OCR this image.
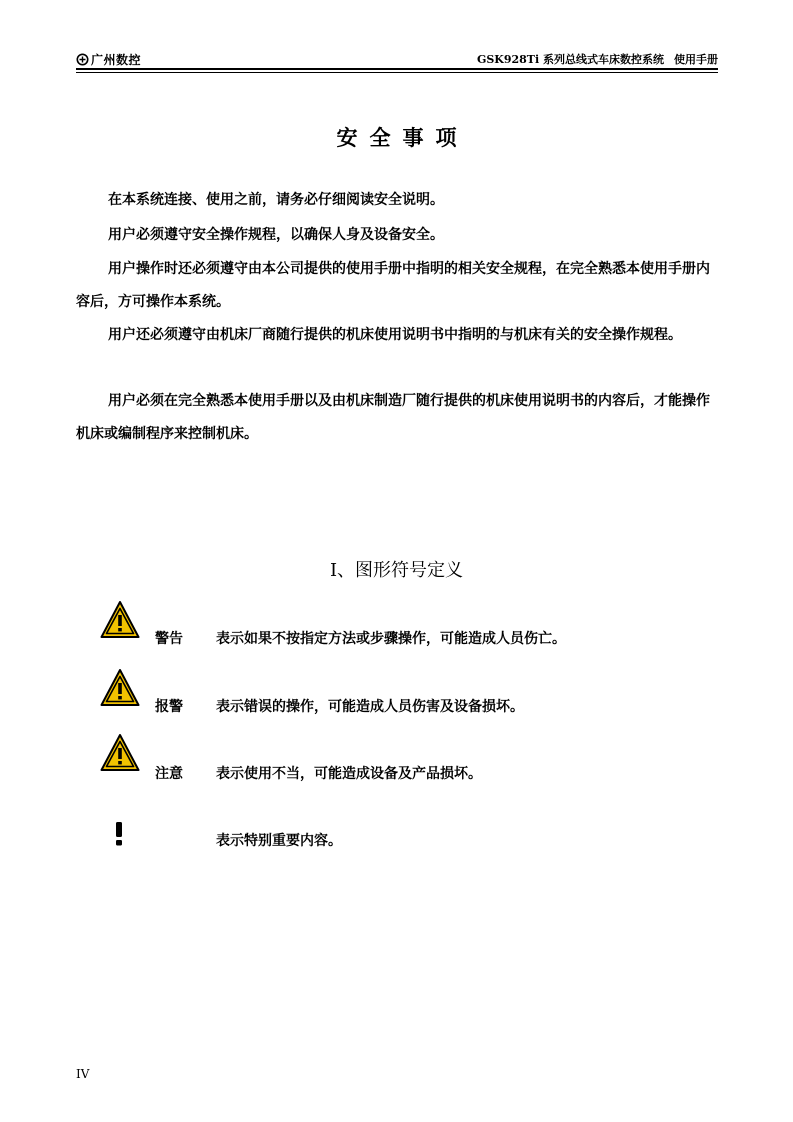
广州数控	GSK928Ti 系列总线式车床数控系统 使用手册
安全事项
在本系统连接、使用之前，请务必仔细阅读安全说明。
用户必须遵守安全操作规程，以确保人身及设备安全。
用户操作时还必须遵守由本公司提供的使用手册中指明的相关安全规程，在完全熟悉本使用手册内容后，方可操作本系统。
用户还必须遵守由机床厂商随行提供的机床使用说明书中指明的与机床有关的安全操作规程。
用户必须在完全熟悉本使用手册以及由机床制造厂随行提供的机床使用说明书的内容后，才能操作机床或编制程序来控制机床。
Ⅰ、图形符号定义
警告 表示如果不按指定方法或步骤操作，可能造成人员伤亡。
报警 表示错误的操作，可能造成人员伤害及设备损坏。
注意 表示使用不当，可能造成设备及产品损坏。
表示特别重要内容。
IV
